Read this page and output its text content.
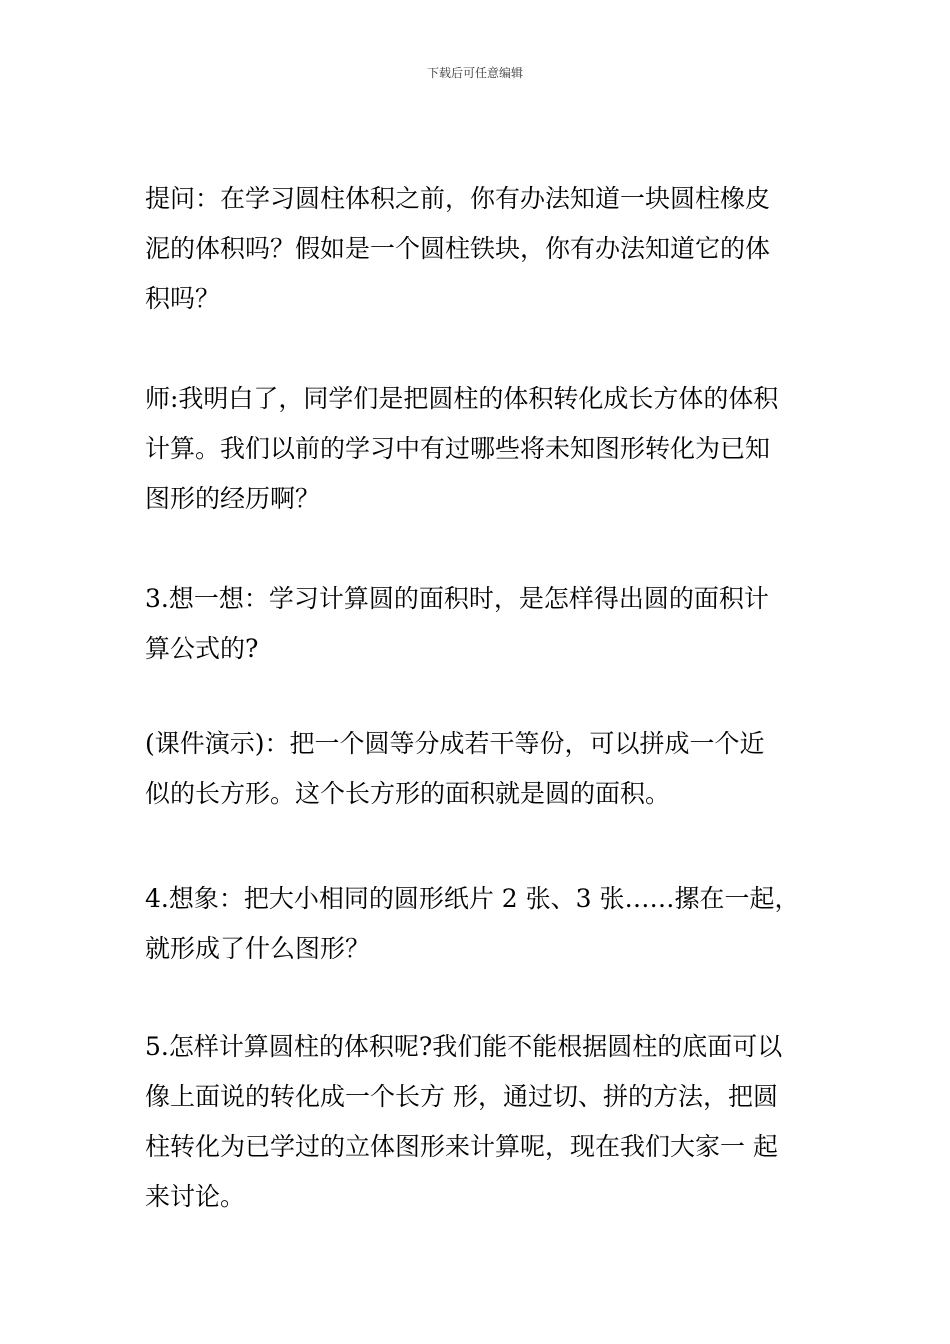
下载后可任意编辑
提问：在学习圆柱体积之前，你有办法知道一块圆柱橡皮
泥的体积吗？假如是一个圆柱铁块，你有办法知道它的体
积吗？
师:我明白了，同学们是把圆柱的体积转化成长方体的体积
计算。我们以前的学习中有过哪些将未知图形转化为已知
图形的经历啊？
3.想一想：学习计算圆的面积时，是怎样得出圆的面积计
算公式的?
(课件演示)：把一个圆等分成若干等份，可以拼成一个近
似的长方形。这个长方形的面积就是圆的面积。
4.想象：把大小相同的圆形纸片 2 张、3 张……摞在一起，
就形成了什么图形？
5.怎样计算圆柱的体积呢?我们能不能根据圆柱的底面可以
像上面说的转化成一个长方 形，通过切、拼的方法，把圆
柱转化为已学过的立体图形来计算呢，现在我们大家一 起
来讨论。
